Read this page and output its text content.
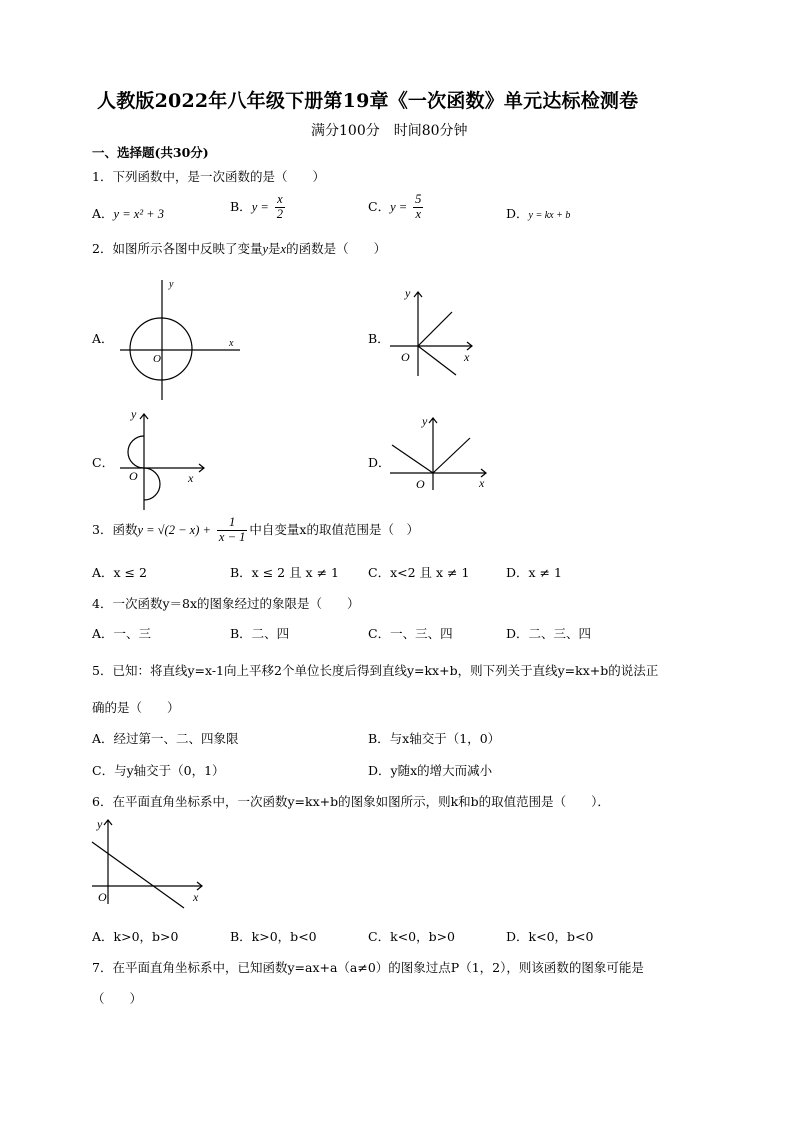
人教版2022年八年级下册第19章《一次函数》单元达标检测卷
满分100分　时间80分钟
一、选择题(共30分)
1．下列函数中，是一次函数的是（　　）
A．y = x² + 3
B．$y = \frac{x}{2}$	C．$y = \frac{5}{x}$	D．y = kx + b
2．如图所示各图中反映了变量y是x的函数是（　　）
A．
y
x
O
B．
y
x
O
C．
y
x
O
D．
y
x
O
3．函数$y = √(2 - x) + \frac{1}{x - 1}$ 中自变量x的取值范围是（　）
A．x ≤ 2	B．x ≤ 2 且 x ≠ 1 C．x<2 且 x ≠ 1	D．x ≠ 1
4．一次函数y＝8x的图象经过的象限是（　　）
A．一、三	B．二、四	C．一、三、四	D．二、三、四
5．已知：将直线y=x-1向上平移2个单位长度后得到直线y=kx+b，则下列关于直线y=kx+b的说法正
确的是（　　）
A．经过第一、二、四象限	B．与x轴交于（1，0）
C．与y轴交于（0，1）	D．y随x的增大而减小
6．在平面直角坐标系中，一次函数y=kx+b的图象如图所示，则k和b的取值范围是（　　）．
y
x
O
A．k>0，b>0	B．k>0，b<0	C．k<0，b>0	D．k<0，b<0
7．在平面直角坐标系中，已知函数y=ax+a（a≠0）的图象过点P（1，2），则该函数的图象可能是
（　　）
